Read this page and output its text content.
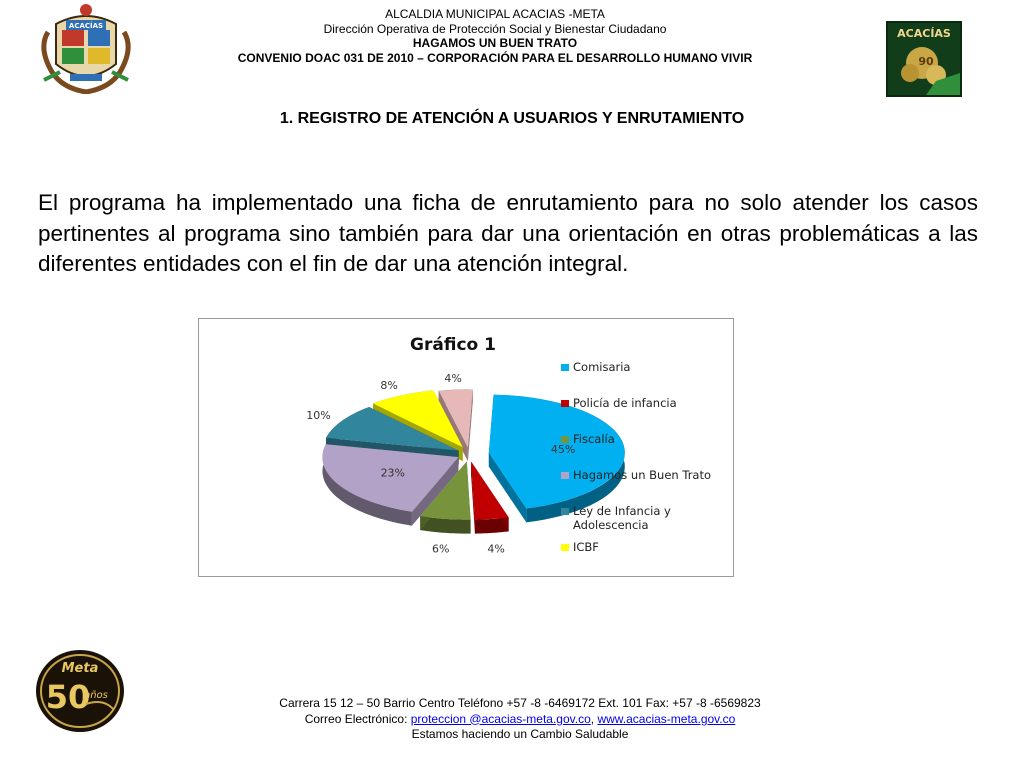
ACACÍAS
ALCALDIA MUNICIPAL ACACIAS -META
Dirección Operativa de Protección Social y Bienestar Ciudadano
HAGAMOS UN BUEN TRATO
CONVENIO DOAC 031 DE 2010 – CORPORACIÓN PARA EL DESARROLLO HUMANO VIVIR
ACACÍAS
90
1. REGISTRO DE ATENCIÓN A USUARIOS Y ENRUTAMIENTO
El programa ha implementado una ficha de enrutamiento para no solo atender los casos pertinentes al programa sino también para dar una orientación en otras problemáticas a las diferentes entidades con el fin de dar una atención integral.
Gráfico 1
45%
4%
6%
23%
10%
8%
4%
Comisaria
Policía de infancia
Fiscalía
Hagamos un Buen Trato
Ley de Infancia y
Adolescencia
ICBF
Meta
50
años
Carrera 15 12 – 50 Barrio Centro Teléfono +57 -8 -6469172 Ext. 101 Fax: +57 -8 -6569823
Correo Electrónico: proteccion @acacias-meta.gov.co, www.acacias-meta.gov.co
Estamos haciendo un Cambio Saludable
